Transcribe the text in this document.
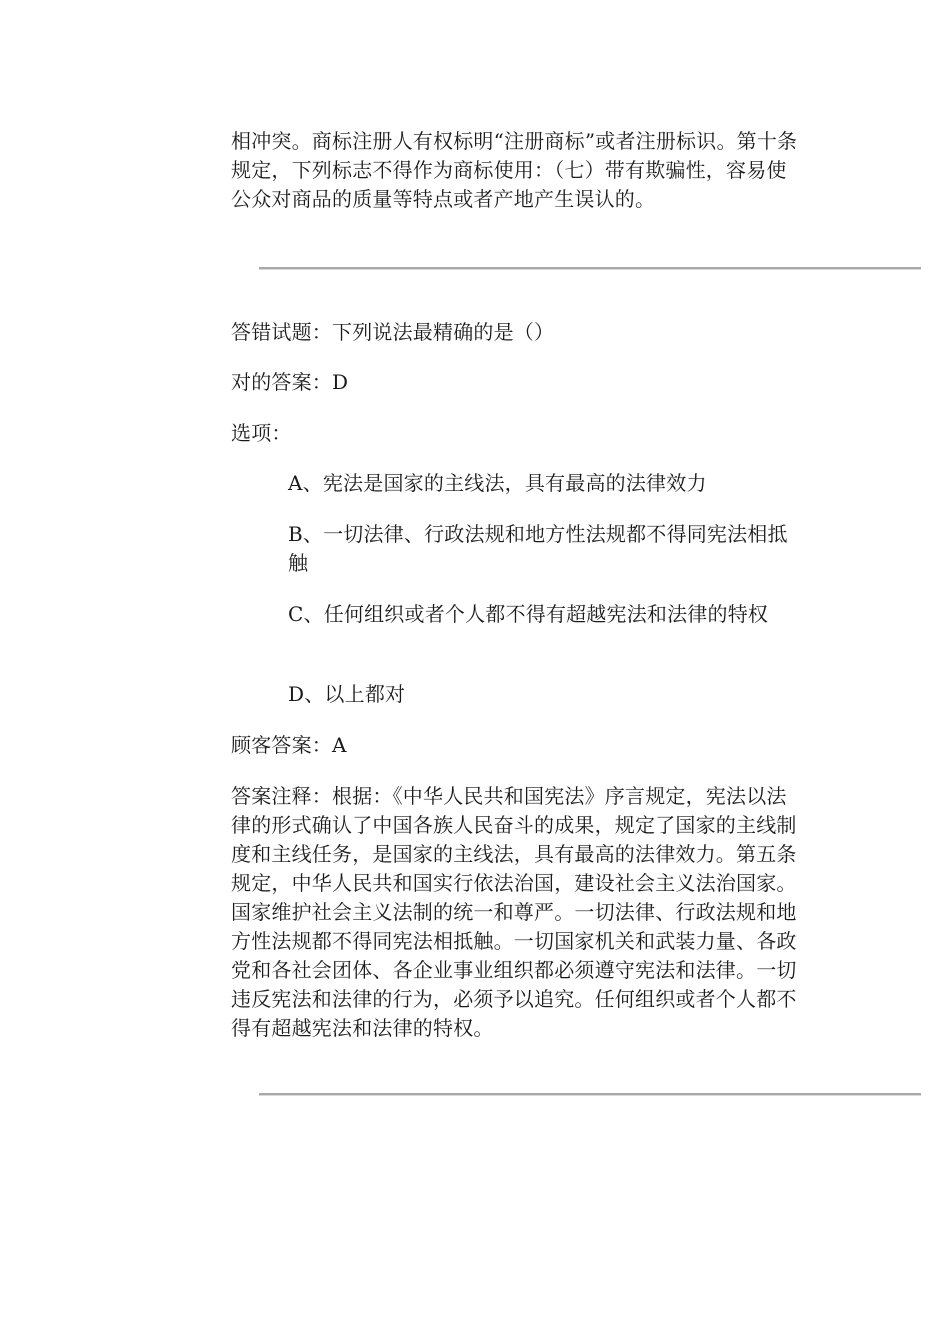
相冲突。商标注册人有权标明“注册商标”或者注册标识。第十条规定，下列标志不得作为商标使用：（七）带有欺骗性，容易使公众对商品的质量等特点或者产地产生误认的。

答错试题：下列说法最精确的是（）

对的答案：D

选项：

A、宪法是国家的主线法，具有最高的法律效力

B、一切法律、行政法规和地方性法规都不得同宪法相抵触

C、任何组织或者个人都不得有超越宪法和法律的特权

D、以上都对

顾客答案：A

答案注释：根据：《中华人民共和国宪法》序言规定，宪法以法律的形式确认了中国各族人民奋斗的成果，规定了国家的主线制度和主线任务，是国家的主线法，具有最高的法律效力。第五条规定，中华人民共和国实行依法治国，建设社会主义法治国家。国家维护社会主义法制的统一和尊严。一切法律、行政法规和地方性法规都不得同宪法相抵触。一切国家机关和武装力量、各政党和各社会团体、各企业事业组织都必须遵守宪法和法律。一切违反宪法和法律的行为，必须予以追究。任何组织或者个人都不得有超越宪法和法律的特权。
